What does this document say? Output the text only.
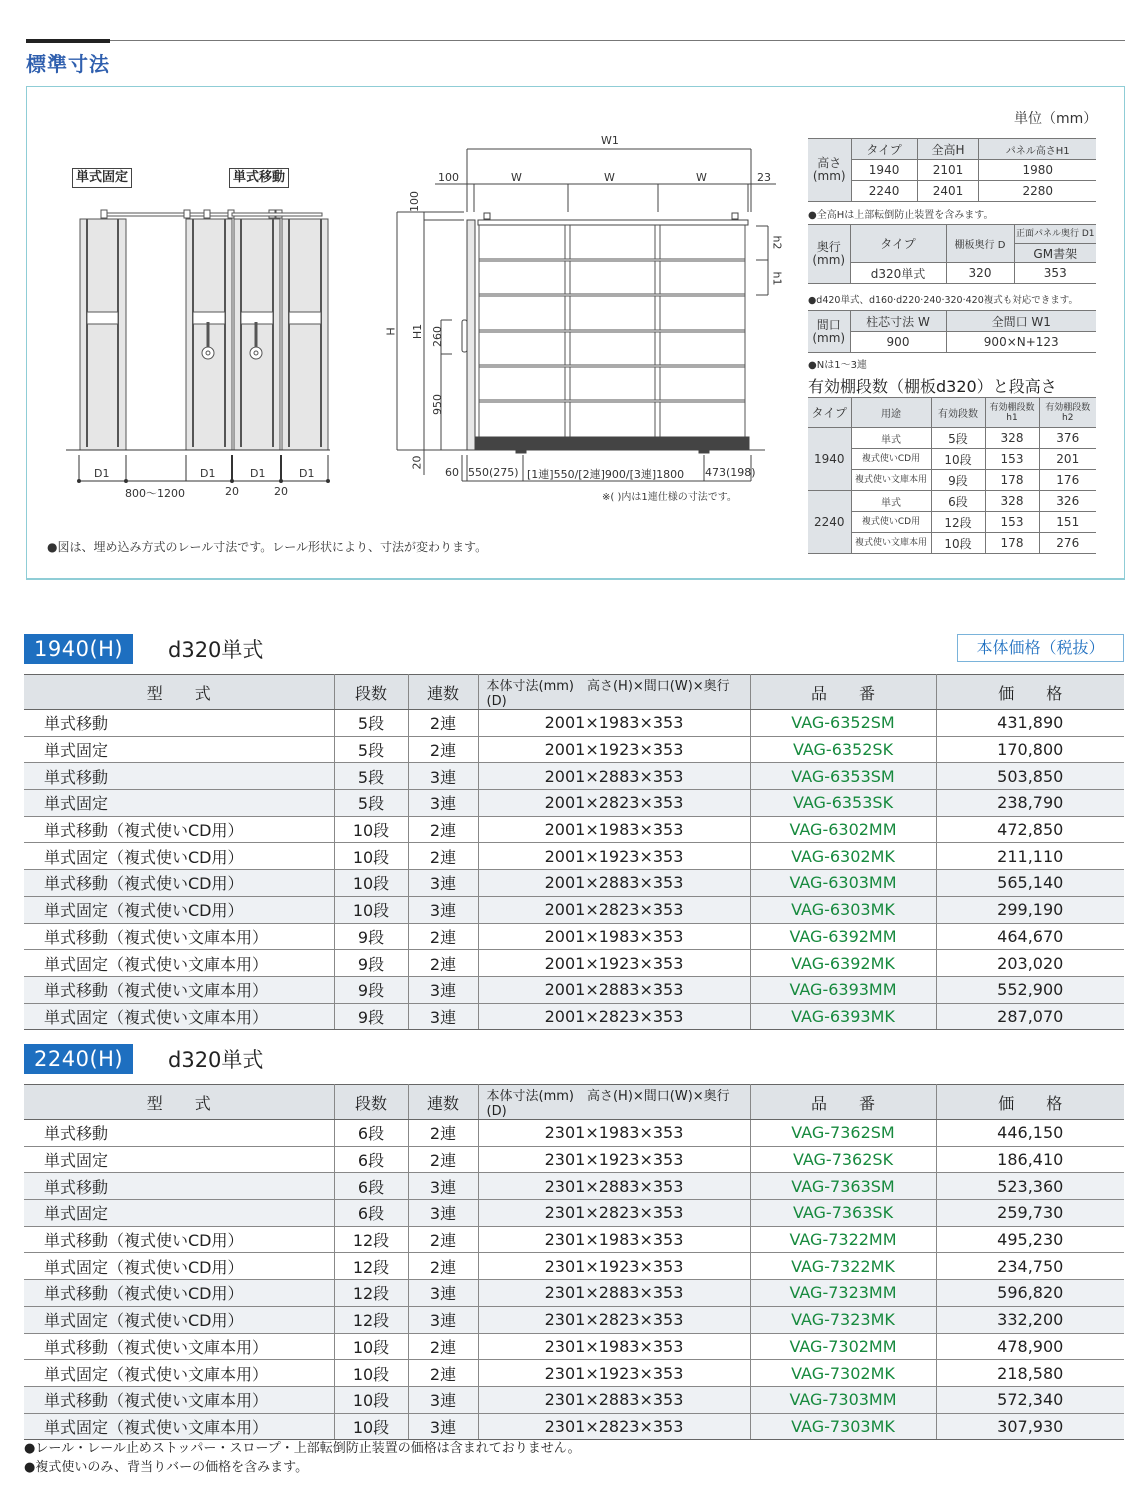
標準寸法
単式固定	単式移動
D1	D1	D1	D1
800〜1200	20	20
W1
W	W	W
100	23
100
H H1 260
950
20
h2
h1
60 550(275) [1連]550/[2連]900/[3連]1800 473(198)
※( )内は1連仕様の寸法です。
●図は、埋め込み方式のレール寸法です。レール形状により、寸法が変わります。
単位（mm）
高さ
(mm)	タイプ	全高H	パネル高さH1
	1940	2101	1980
	2240	2401	2280
●全高Hは上部転倒防止装置を含みます。
奥行
(mm)	タイプ	棚板奥行 D	正面パネル奥行 D1
			GM書架
	d320単式	320	353
●d420単式、d160·d220·240·320·420複式も対応できます。
間口
(mm)	柱芯寸法 W	全間口 W1
	900	900×N+123
●Nは1〜3連
有効棚段数（棚板d320）と段高さ
タイプ	用途	有効段数	有効棚段数 h1	有効棚段数 h2
1940	単式	5段	328	376
	複式使いCD用	10段	153	201
	複式使い文庫本用	9段	178	176
2240	単式	6段	328	326
	複式使いCD用	12段	153	151
	複式使い文庫本用	10段	178	276
1940(H)	d320単式	本体価格（税抜）
型　　式	段数	連数	本体寸法(mm)　高さ(H)×間口(W)×奥行(D)	品　　番	価　　格
単式移動	5段	2連	2001×1983×353	VAG-6352SM	431,890
単式固定	5段	2連	2001×1923×353	VAG-6352SK	170,800
単式移動	5段	3連	2001×2883×353	VAG-6353SM	503,850
単式固定	5段	3連	2001×2823×353	VAG-6353SK	238,790
単式移動（複式使いCD用）	10段	2連	2001×1983×353	VAG-6302MM	472,850
単式固定（複式使いCD用）	10段	2連	2001×1923×353	VAG-6302MK	211,110
単式移動（複式使いCD用）	10段	3連	2001×2883×353	VAG-6303MM	565,140
単式固定（複式使いCD用）	10段	3連	2001×2823×353	VAG-6303MK	299,190
単式移動（複式使い文庫本用）	9段	2連	2001×1983×353	VAG-6392MM	464,670
単式固定（複式使い文庫本用）	9段	2連	2001×1923×353	VAG-6392MK	203,020
単式移動（複式使い文庫本用）	9段	3連	2001×2883×353	VAG-6393MM	552,900
単式固定（複式使い文庫本用）	9段	3連	2001×2823×353	VAG-6393MK	287,070
2240(H)	d320単式
型　　式	段数	連数	本体寸法(mm)　高さ(H)×間口(W)×奥行(D)	品　　番	価　　格
単式移動	6段	2連	2301×1983×353	VAG-7362SM	446,150
単式固定	6段	2連	2301×1923×353	VAG-7362SK	186,410
単式移動	6段	3連	2301×2883×353	VAG-7363SM	523,360
単式固定	6段	3連	2301×2823×353	VAG-7363SK	259,730
単式移動（複式使いCD用）	12段	2連	2301×1983×353	VAG-7322MM	495,230
単式固定（複式使いCD用）	12段	2連	2301×1923×353	VAG-7322MK	234,750
単式移動（複式使いCD用）	12段	3連	2301×2883×353	VAG-7323MM	596,820
単式固定（複式使いCD用）	12段	3連	2301×2823×353	VAG-7323MK	332,200
単式移動（複式使い文庫本用）	10段	2連	2301×1983×353	VAG-7302MM	478,900
単式固定（複式使い文庫本用）	10段	2連	2301×1923×353	VAG-7302MK	218,580
単式移動（複式使い文庫本用）	10段	3連	2301×2883×353	VAG-7303MM	572,340
単式固定（複式使い文庫本用）	10段	3連	2301×2823×353	VAG-7303MK	307,930
●レール・レール止めストッパー・スロープ・上部転倒防止装置の価格は含まれておりません。
●複式使いのみ、背当りバーの価格を含みます。
